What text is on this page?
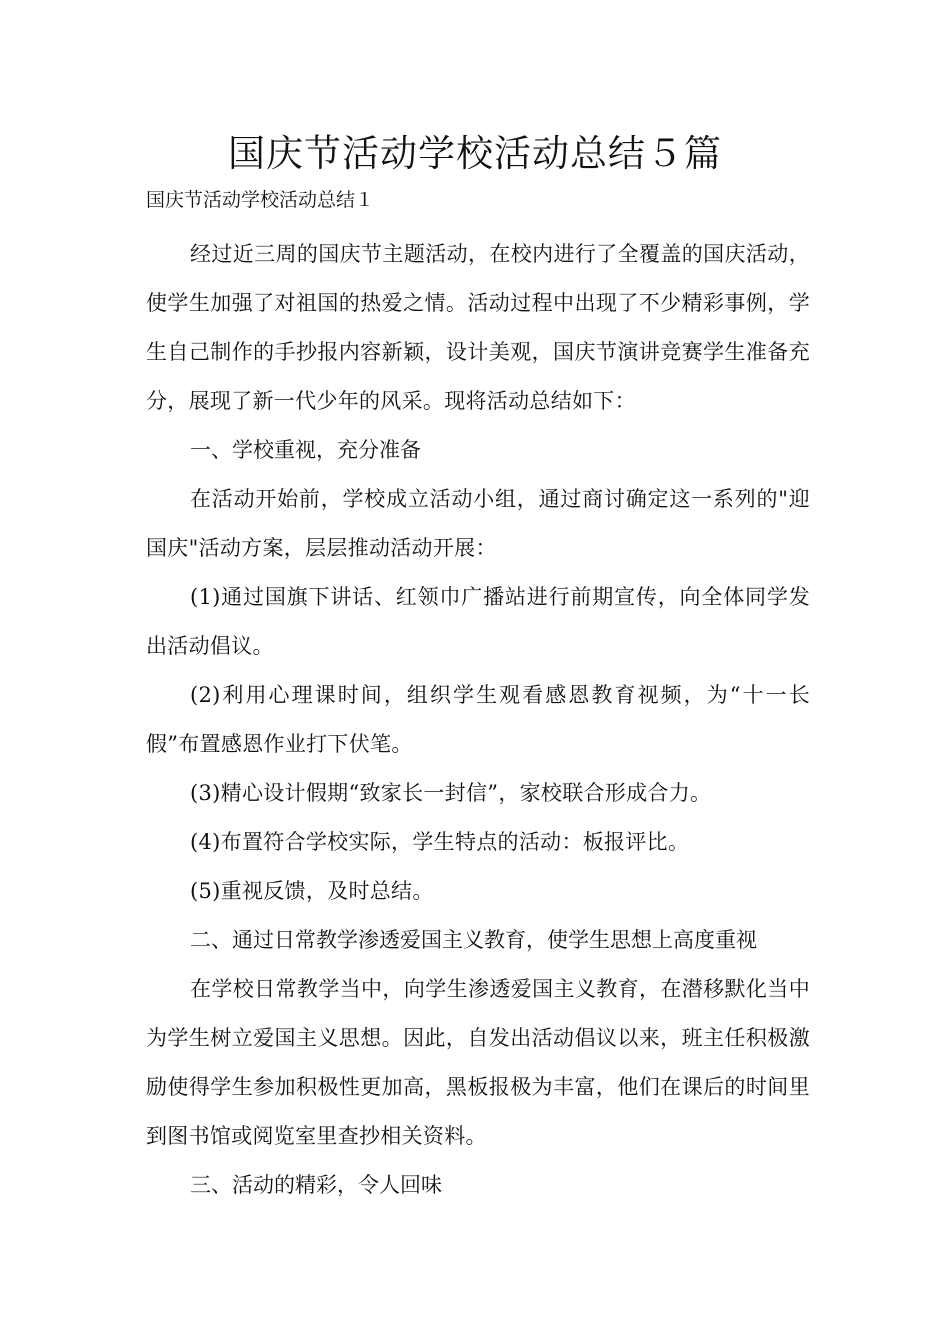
国庆节活动学校活动总结５篇

国庆节活动学校活动总结１

经过近三周的国庆节主题活动，在校内进行了全覆盖的国庆活动，使学生加强了对祖国的热爱之情。活动过程中出现了不少精彩事例，学生自己制作的手抄报内容新颖，设计美观，国庆节演讲竞赛学生准备充分，展现了新一代少年的风采。现将活动总结如下：

一、学校重视，充分准备

在活动开始前，学校成立活动小组，通过商讨确定这一系列的"迎国庆"活动方案，层层推动活动开展：

(1)通过国旗下讲话、红领巾广播站进行前期宣传，向全体同学发出活动倡议。

(2)利用心理课时间，组织学生观看感恩教育视频，为“十一长假”布置感恩作业打下伏笔。

(3)精心设计假期“致家长一封信”，家校联合形成合力。

(4)布置符合学校实际，学生特点的活动：板报评比。

(5)重视反馈，及时总结。

二、通过日常教学渗透爱国主义教育，使学生思想上高度重视

在学校日常教学当中，向学生渗透爱国主义教育，在潜移默化当中为学生树立爱国主义思想。因此，自发出活动倡议以来，班主任积极激励使得学生参加积极性更加高，黑板报极为丰富，他们在课后的时间里到图书馆或阅览室里查抄相关资料。

三、活动的精彩，令人回味
